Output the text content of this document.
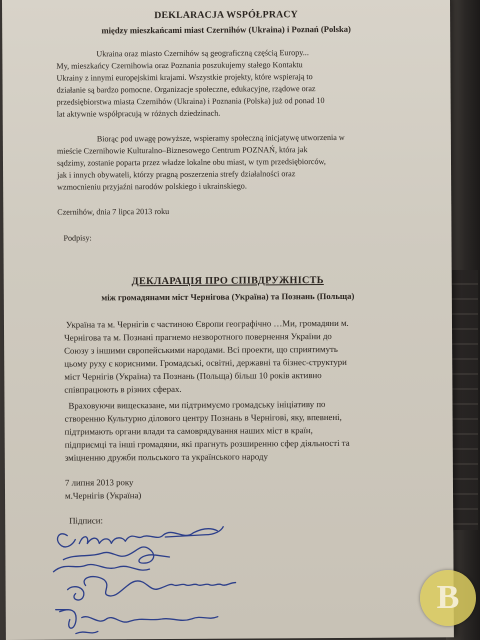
DEKLARACJA WSPÓŁPRACY

między mieszkańcami miast Czernihów (Ukraina) i Poznań (Polska)

Ukraina oraz miasto Czernihów są geograficzną częścią Europy...

My, mieszkańcy Czernihowia oraz Poznania poszukujemy stałego Kontaktu

Ukrainy z innymi europejskimi krajami. Wszystkie projekty, które wspierają to

działanie są bardzo pomocne. Organizacje społeczne, edukacyjne, rządowe oraz

przedsiębiorstwa miasta Czernihów (Ukraina) i Poznania (Polska) już od ponad 10

lat aktywnie współpracują w różnych dziedzinach.

Biorąc pod uwagę powyższe, wspieramy społeczną inicjatywę utworzenia w

mieście Czernihowie Kulturalno–Biznesowego Centrum POZNAŃ, która jak

sądzimy, zostanie poparta przez władze lokalne obu miast, w tym przedsiębiorców,

jak i innych obywateli, którzy pragną poszerzenia strefy działalności oraz

wzmocnieniu przyjaźni narodów polskiego i ukrainskiego.

Czernihów, dnia 7 lipca 2013 roku

Podpisy:

ДЕКЛАРАЦІЯ ПРО СПІВДРУЖНІСТЬ

між громадянами міст Чернігова (Україна) та Познань (Польща)

Україна та м. Чернігів є частиною Європи географічно …Ми, громадяни м.

Чернігова та м. Познані прагнемо незворотного повернення України до

Союзу з іншими європейськими народами. Всі проекти, що сприятимуть

цьому руху є корисними. Громадські, освітні, державні та бізнес-структури

міст Чернігів (Україна) та Познань (Польща) більш 10 років активно

співпрацюють в різних сферах.

Враховуючи вищесказане, ми підтримуємо громадську ініціативу по

створенню Культурно ділового центру Познань в Чернігові, яку, впевнені,

підтримають органи влади та самоврядування наших міст в країн,

підприємці та інші громадяни, які прагнуть розширенню сфер діяльності та

зміцненню дружби польського та українського народу

7 липня 2013 року

м.Чернігів (Україна)

Підписи:

В
